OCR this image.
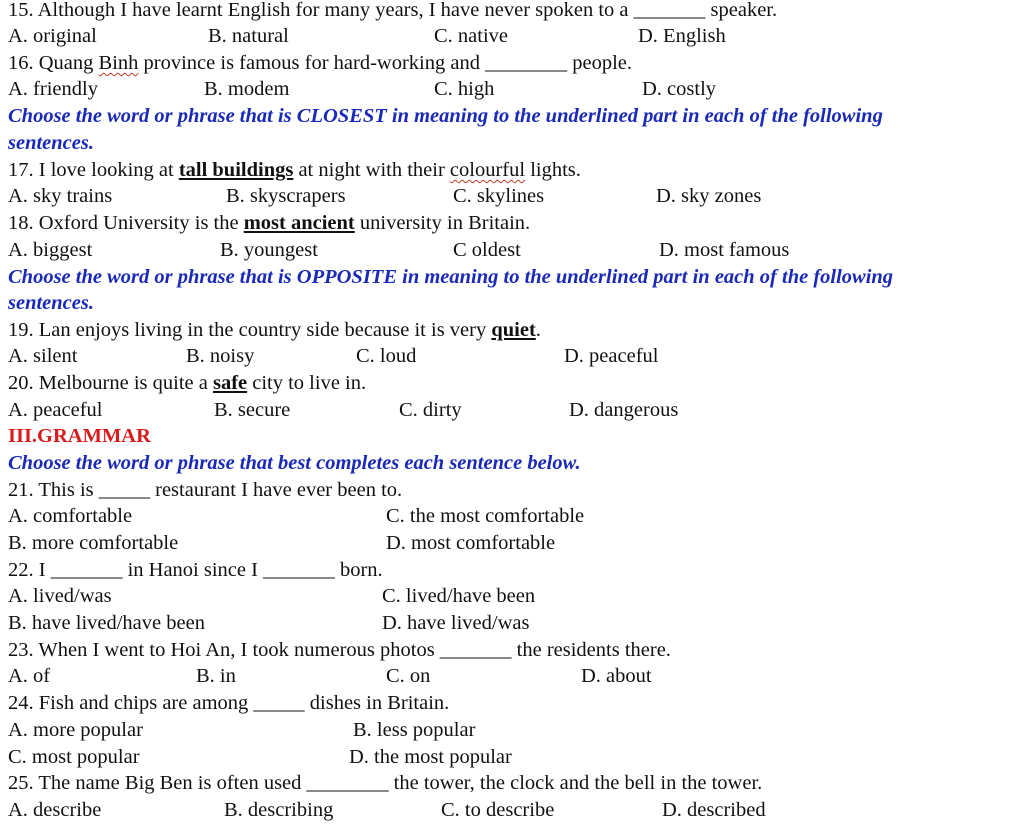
15. Although I have learnt English for many years, I have never spoken to a _______ speaker.
A. original	B. natural	C. native	D. English
16. Quang Binh province is famous for hard-working and ________ people.
A. friendly	B. modem	C. high	D. costly
Choose the word or phrase that is CLOSEST in meaning to the underlined part in each of the following
sentences.
17. I love looking at tall buildings at night with their colourful lights.
A. sky trains	B. skyscrapers	C. skylines	D. sky zones
18. Oxford University is the most ancient university in Britain.
A. biggest	B. youngest	C oldest	D. most famous
Choose the word or phrase that is OPPOSITE in meaning to the underlined part in each of the following
sentences.
19. Lan enjoys living in the country side because it is very quiet.
A. silent	B. noisy	C. loud	D. peaceful
20. Melbourne is quite a safe city to live in.
A. peaceful	B. secure	C. dirty	D. dangerous
III.GRAMMAR
Choose the word or phrase that best completes each sentence below.
21. This is _____ restaurant I have ever been to.
A. comfortable	C. the most comfortable
B. more comfortable	D. most comfortable
22. I _______ in Hanoi since I _______ born.
A. lived/was	C. lived/have been
B. have lived/have been	D. have lived/was
23. When I went to Hoi An, I took numerous photos _______ the residents there.
A. of	B. in	C. on	D. about
24. Fish and chips are among _____ dishes in Britain.
A. more popular	B. less popular
C. most popular	D. the most popular
25. The name Big Ben is often used ________ the tower, the clock and the bell in the tower.
A. describe	B. describing	C. to describe	D. described
